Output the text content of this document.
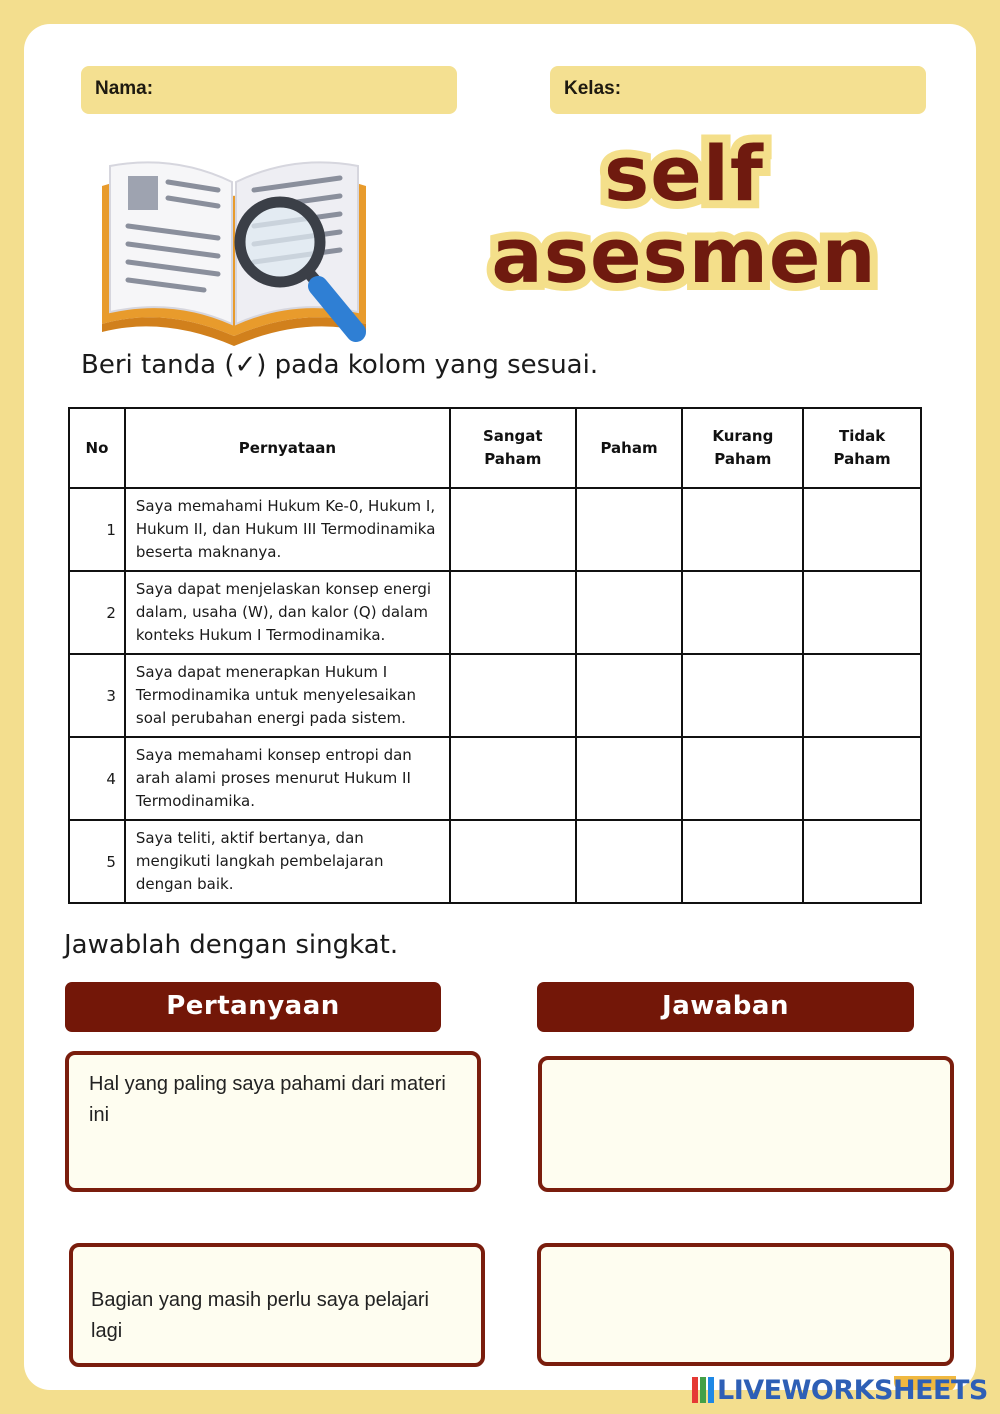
Nama:	Kelas:
self
asesmen
Beri tanda (✓) pada kolom yang sesuai.
No	Pernyataan	Sangat Paham	Paham	Kurang Paham	Tidak Paham
1	Saya memahami Hukum Ke-0, Hukum I, Hukum II, dan Hukum III Termodinamika beserta maknanya.				
2	Saya dapat menjelaskan konsep energi dalam, usaha (W), dan kalor (Q) dalam konteks Hukum I Termodinamika.				
3	Saya dapat menerapkan Hukum I Termodinamika untuk menyelesaikan soal perubahan energi pada sistem.				
4	Saya memahami konsep entropi dan arah alami proses menurut Hukum II Termodinamika.				
5	Saya teliti, aktif bertanya, dan mengikuti langkah pembelajaran dengan baik.				
Jawablah dengan singkat.
Pertanyaan	Jawaban
Hal yang paling saya pahami dari materi ini
Bagian yang masih perlu saya pelajari lagi
LIVEWORKSHEETS
